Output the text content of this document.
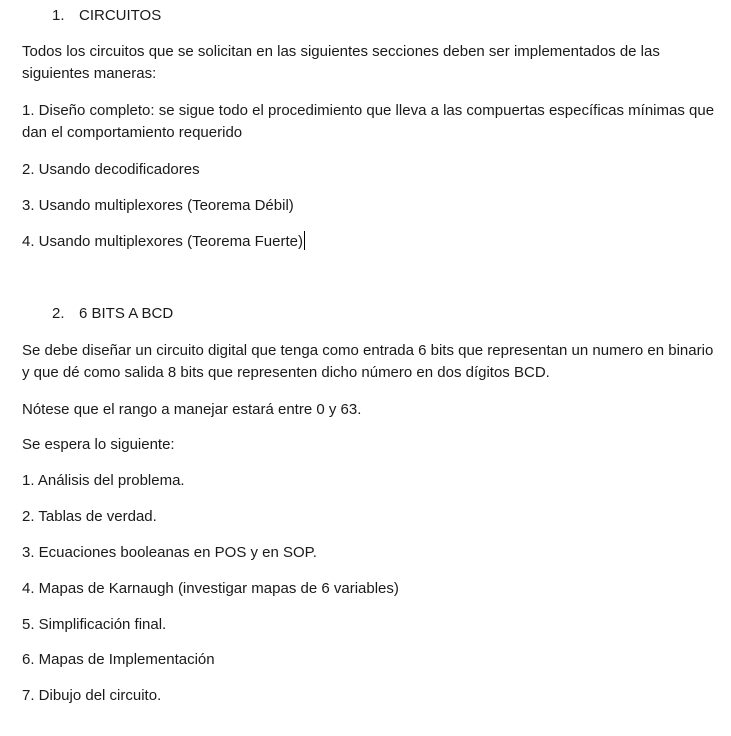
1. CIRCUITOS

Todos los circuitos que se solicitan en las siguientes secciones deben ser implementados de las siguientes maneras:

1. Diseño completo: se sigue todo el procedimiento que lleva a las compuertas específicas mínimas que dan el comportamiento requerido

2. Usando decodificadores

3. Usando multiplexores (Teorema Débil)

4. Usando multiplexores (Teorema Fuerte)

2. 6 BITS A BCD

Se debe diseñar un circuito digital que tenga como entrada 6 bits que representan un numero en binario y que dé como salida 8 bits que representen dicho número en dos dígitos BCD.

Nótese que el rango a manejar estará entre 0 y 63.

Se espera lo siguiente:

1. Análisis del problema.

2. Tablas de verdad.

3. Ecuaciones booleanas en POS y en SOP.

4. Mapas de Karnaugh (investigar mapas de 6 variables)

5. Simplificación final.

6. Mapas de Implementación

7. Dibujo del circuito.
